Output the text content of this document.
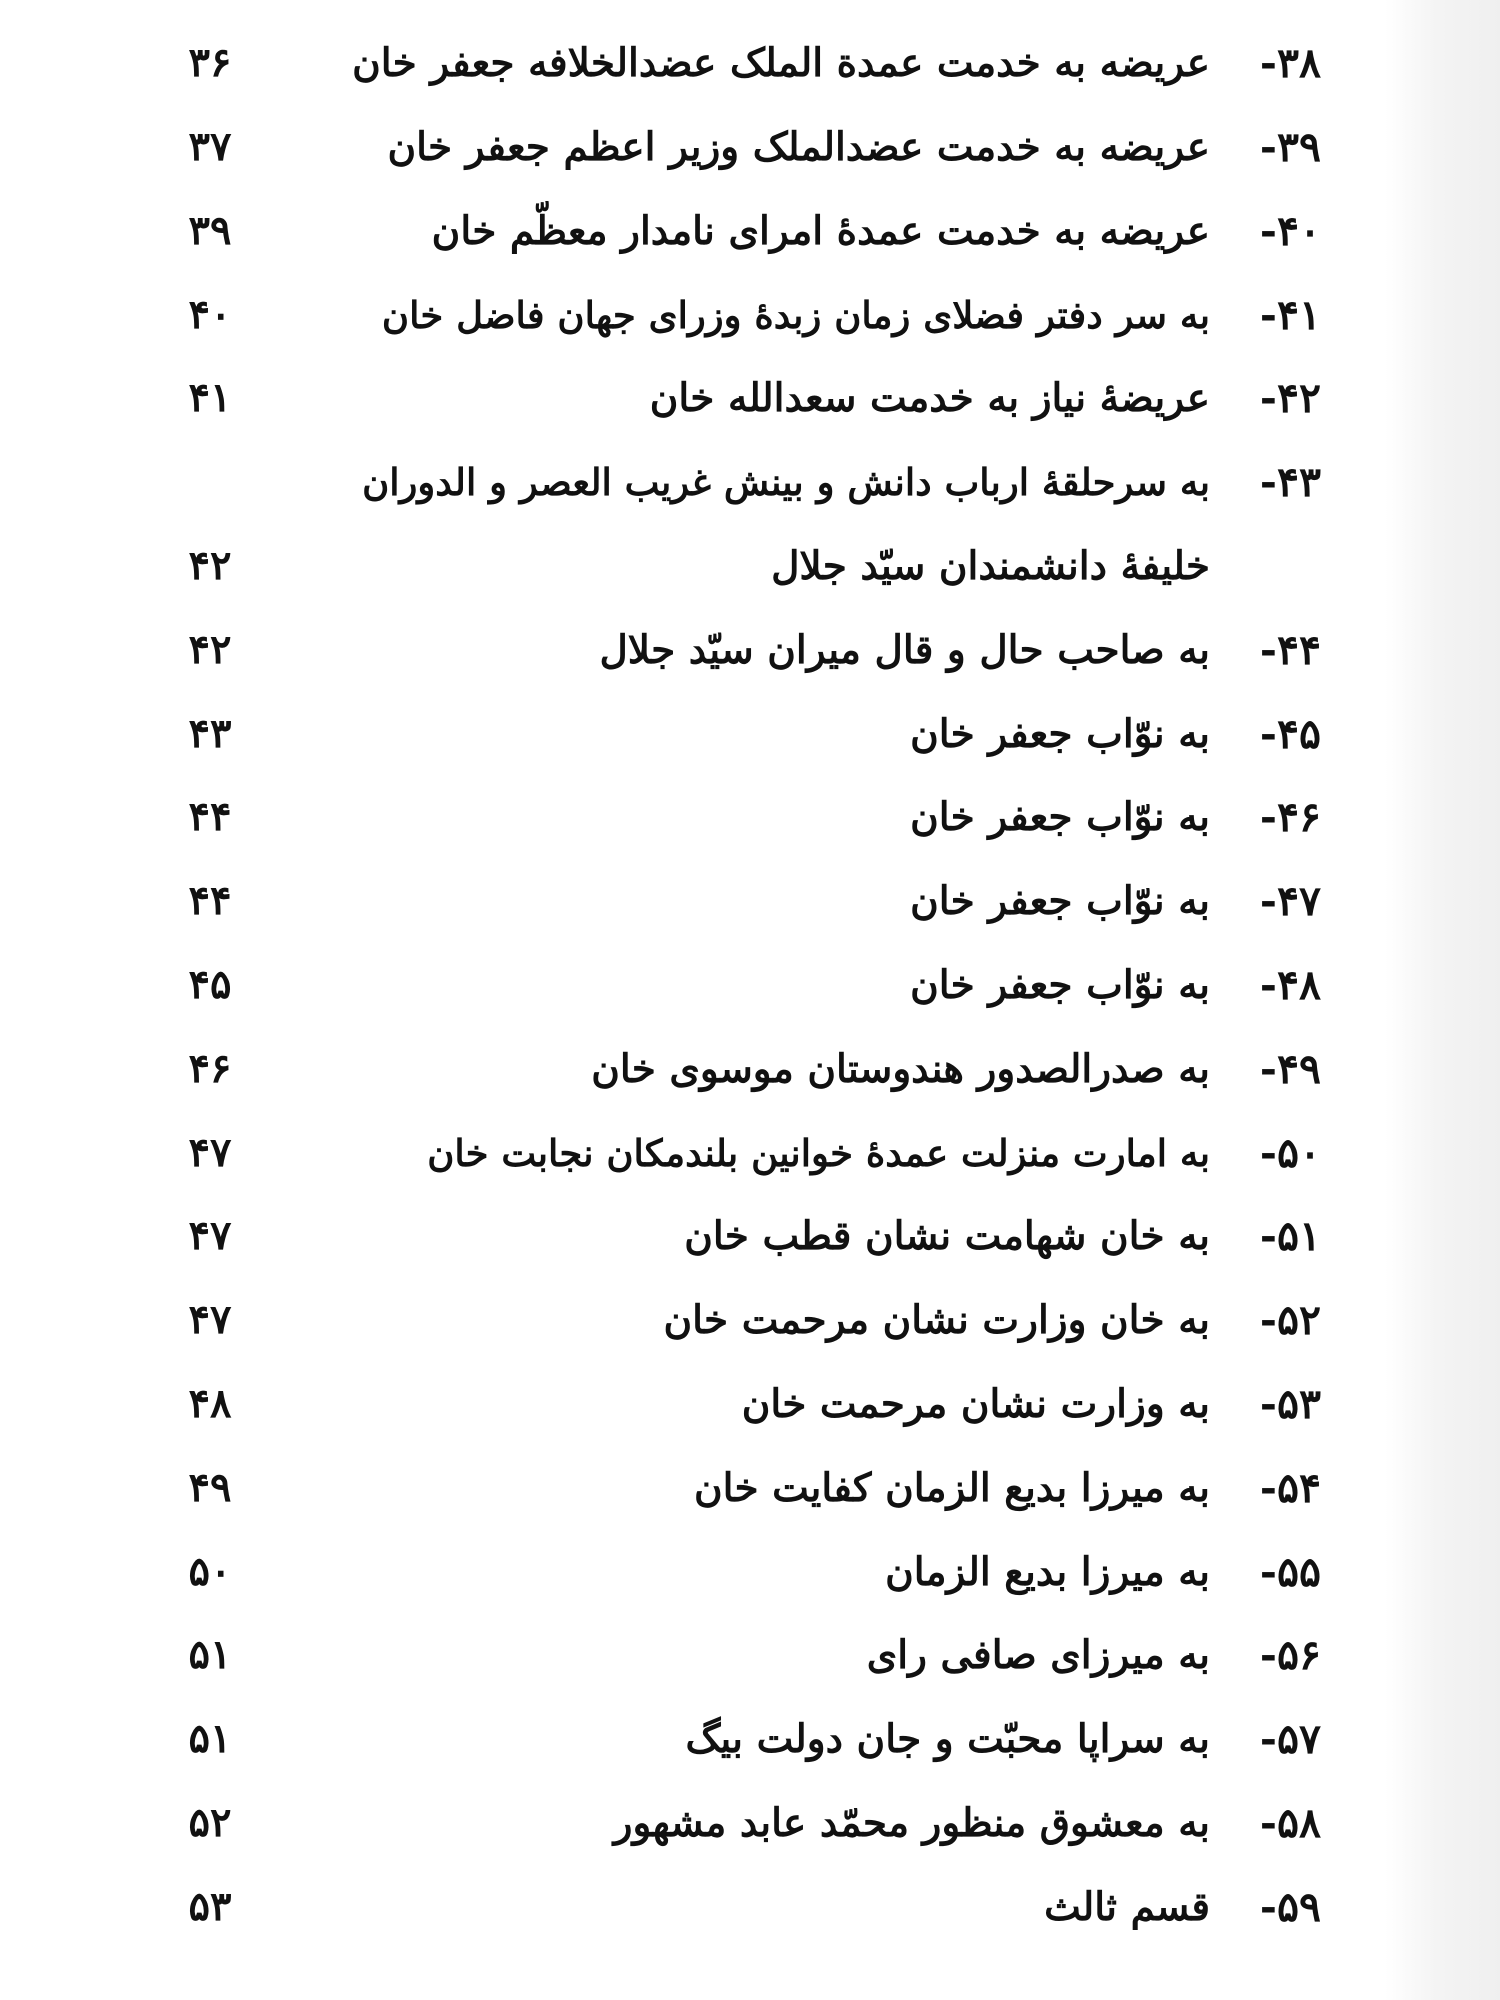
۳۸-
عریضه به خدمت عمدة الملک عضدالخلافه جعفر خان
۳۶
۳۹-
عریضه به خدمت عضدالملک وزیر اعظم جعفر خان
۳۷
۴۰-
عریضه به خدمت عمدۀ امرای نامدار معظّم خان
۳۹
۴۱-
به سر دفتر فضلای زمان زبدۀ وزرای جهان فاضل خان
۴۰
۴۲-
عریضۀ نیاز به خدمت سعدالله خان
۴۱
۴۳-
به سرحلقۀ ارباب دانش و بینش غریب العصر و الدوران
خلیفۀ دانشمندان سیّد جلال
۴۲
۴۴-
به صاحب حال و قال میران سیّد جلال
۴۲
۴۵-
به نوّاب جعفر خان
۴۳
۴۶-
به نوّاب جعفر خان
۴۴
۴۷-
به نوّاب جعفر خان
۴۴
۴۸-
به نوّاب جعفر خان
۴۵
۴۹-
به صدرالصدور هندوستان موسوی خان
۴۶
۵۰-
به امارت منزلت عمدۀ خوانین بلندمکان نجابت خان
۴۷
۵۱-
به خان شهامت نشان قطب خان
۴۷
۵۲-
به خان وزارت نشان مرحمت خان
۴۷
۵۳-
به وزارت نشان مرحمت خان
۴۸
۵۴-
به میرزا بدیع الزمان کفایت خان
۴۹
۵۵-
به میرزا بدیع الزمان
۵۰
۵۶-
به میرزای صافی رای
۵۱
۵۷-
به سراپا محبّت و جان دولت بیگ
۵۱
۵۸-
به معشوق منظور محمّد عابد مشهور
۵۲
۵۹-
قسم ثالث
۵۳
